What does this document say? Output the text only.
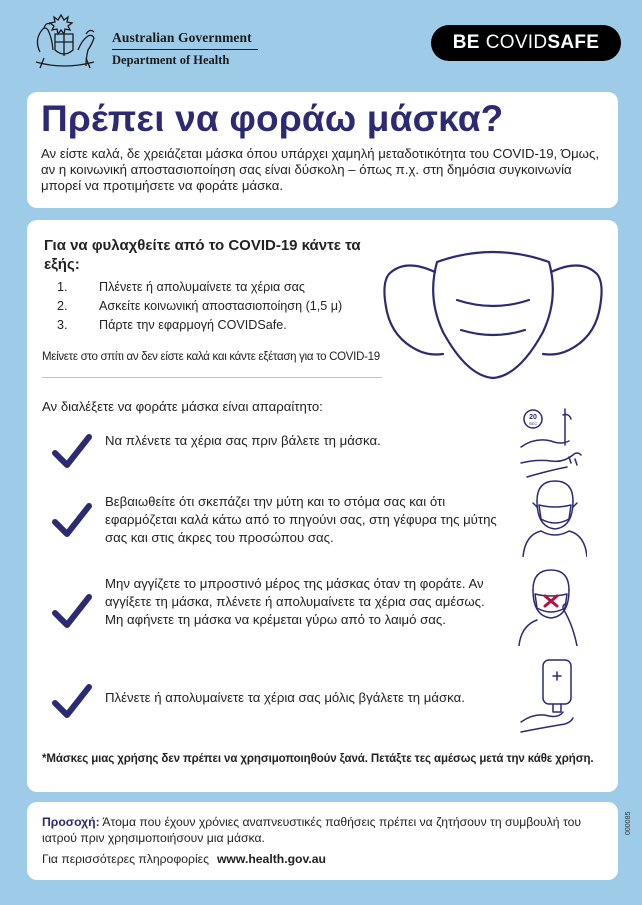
Australian Government
Department of Health
BE COVID SAFE
Πρέπει να φοράω μάσκα?
Αν είστε καλά, δε χρειάζεται μάσκα όπου υπάρχει χαμηλή μεταδοτικότητα του COVID-19, Όμως, αν η κοινωνική αποστασιοποίηση σας είναι δύσκολη – όπως π.χ. στη δημόσια συγκοινωνία μπορεί να προτιμήσετε να φοράτε μάσκα.
Για να φυλαχθείτε από το COVID-19 κάντε τα εξής:
1.	Πλένετε ή απολυμαίνετε τα χέρια σας
2.	Ασκείτε κοινωνική αποστασιοποίηση (1,5 μ)
3.	Πάρτε την εφαρμογή COVIDSafe.
Μείνετε στο σπίτι αν δεν είστε καλά και κάντε εξέταση για το COVID-19
Αν διαλέξετε να φοράτε μάσκα είναι απαραίτητο:
Να πλένετε τα χέρια σας πριν βάλετε τη μάσκα.
20
SEC
Βεβαιωθείτε ότι σκεπάζει την μύτη και το στόμα σας και ότι εφαρμόζεται καλά κάτω από το πηγούνι σας, στη γέφυρα της μύτης σας και στις άκρες του προσώπου σας.
Μην αγγίζετε το μπροστινό μέρος της μάσκας όταν τη φοράτε. Αν αγγίξετε τη μάσκα, πλένετε ή απολυμαίνετε τα χέρια σας αμέσως. Μη αφήνετε τη μάσκα να κρέμεται γύρω από το λαιμό σας.
Πλένετε ή απολυμαίνετε τα χέρια σας μόλις βγάλετε τη μάσκα.
*Μάσκες μιας χρήσης δεν πρέπει να χρησιμοποιηθούν ξανά. Πετάξτε τες αμέσως μετά την κάθε χρήση.
Προσοχή: Άτομα που έχουν χρόνιες αναπνευστικές παθήσεις πρέπει να ζητήσουν τη συμβουλή του ιατρού πριν χρησιμοποιήσουν μια μάσκα.
Για περισσότερες πληροφορίες www.health.gov.au
000085
